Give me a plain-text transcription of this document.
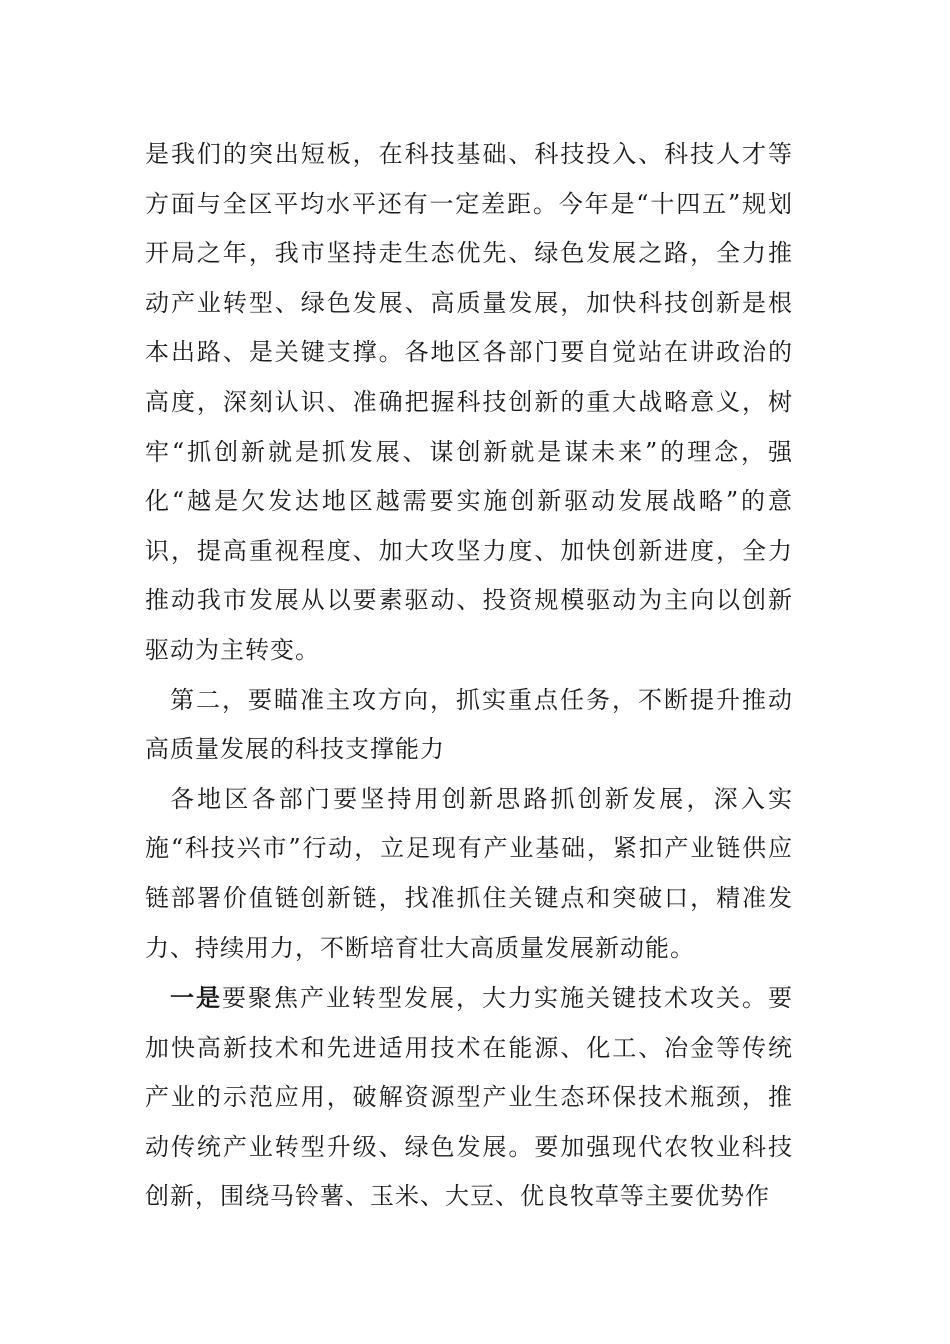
是我们的突出短板，在科技基础、科技投入、科技人才等方面与全区平均水平还有一定差距。今年是“十四五”规划开局之年，我市坚持走生态优先、绿色发展之路，全力推动产业转型、绿色发展、高质量发展，加快科技创新是根本出路、是关键支撑。各地区各部门要自觉站在讲政治的高度，深刻认识、准确把握科技创新的重大战略意义，树牢“抓创新就是抓发展、谋创新就是谋未来”的理念，强化“越是欠发达地区越需要实施创新驱动发展战略”的意识，提高重视程度、加大攻坚力度、加快创新进度，全力推动我市发展从以要素驱动、投资规模驱动为主向以创新驱动为主转变。

第二，要瞄准主攻方向，抓实重点任务，不断提升推动高质量发展的科技支撑能力

各地区各部门要坚持用创新思路抓创新发展，深入实施“科技兴市”行动，立足现有产业基础，紧扣产业链供应链部署价值链创新链，找准抓住关键点和突破口，精准发力、持续用力，不断培育壮大高质量发展新动能。

一是要聚焦产业转型发展，大力实施关键技术攻关。要加快高新技术和先进适用技术在能源、化工、冶金等传统产业的示范应用，破解资源型产业生态环保技术瓶颈，推动传统产业转型升级、绿色发展。要加强现代农牧业科技创新，围绕马铃薯、玉米、大豆、优良牧草等主要优势作
